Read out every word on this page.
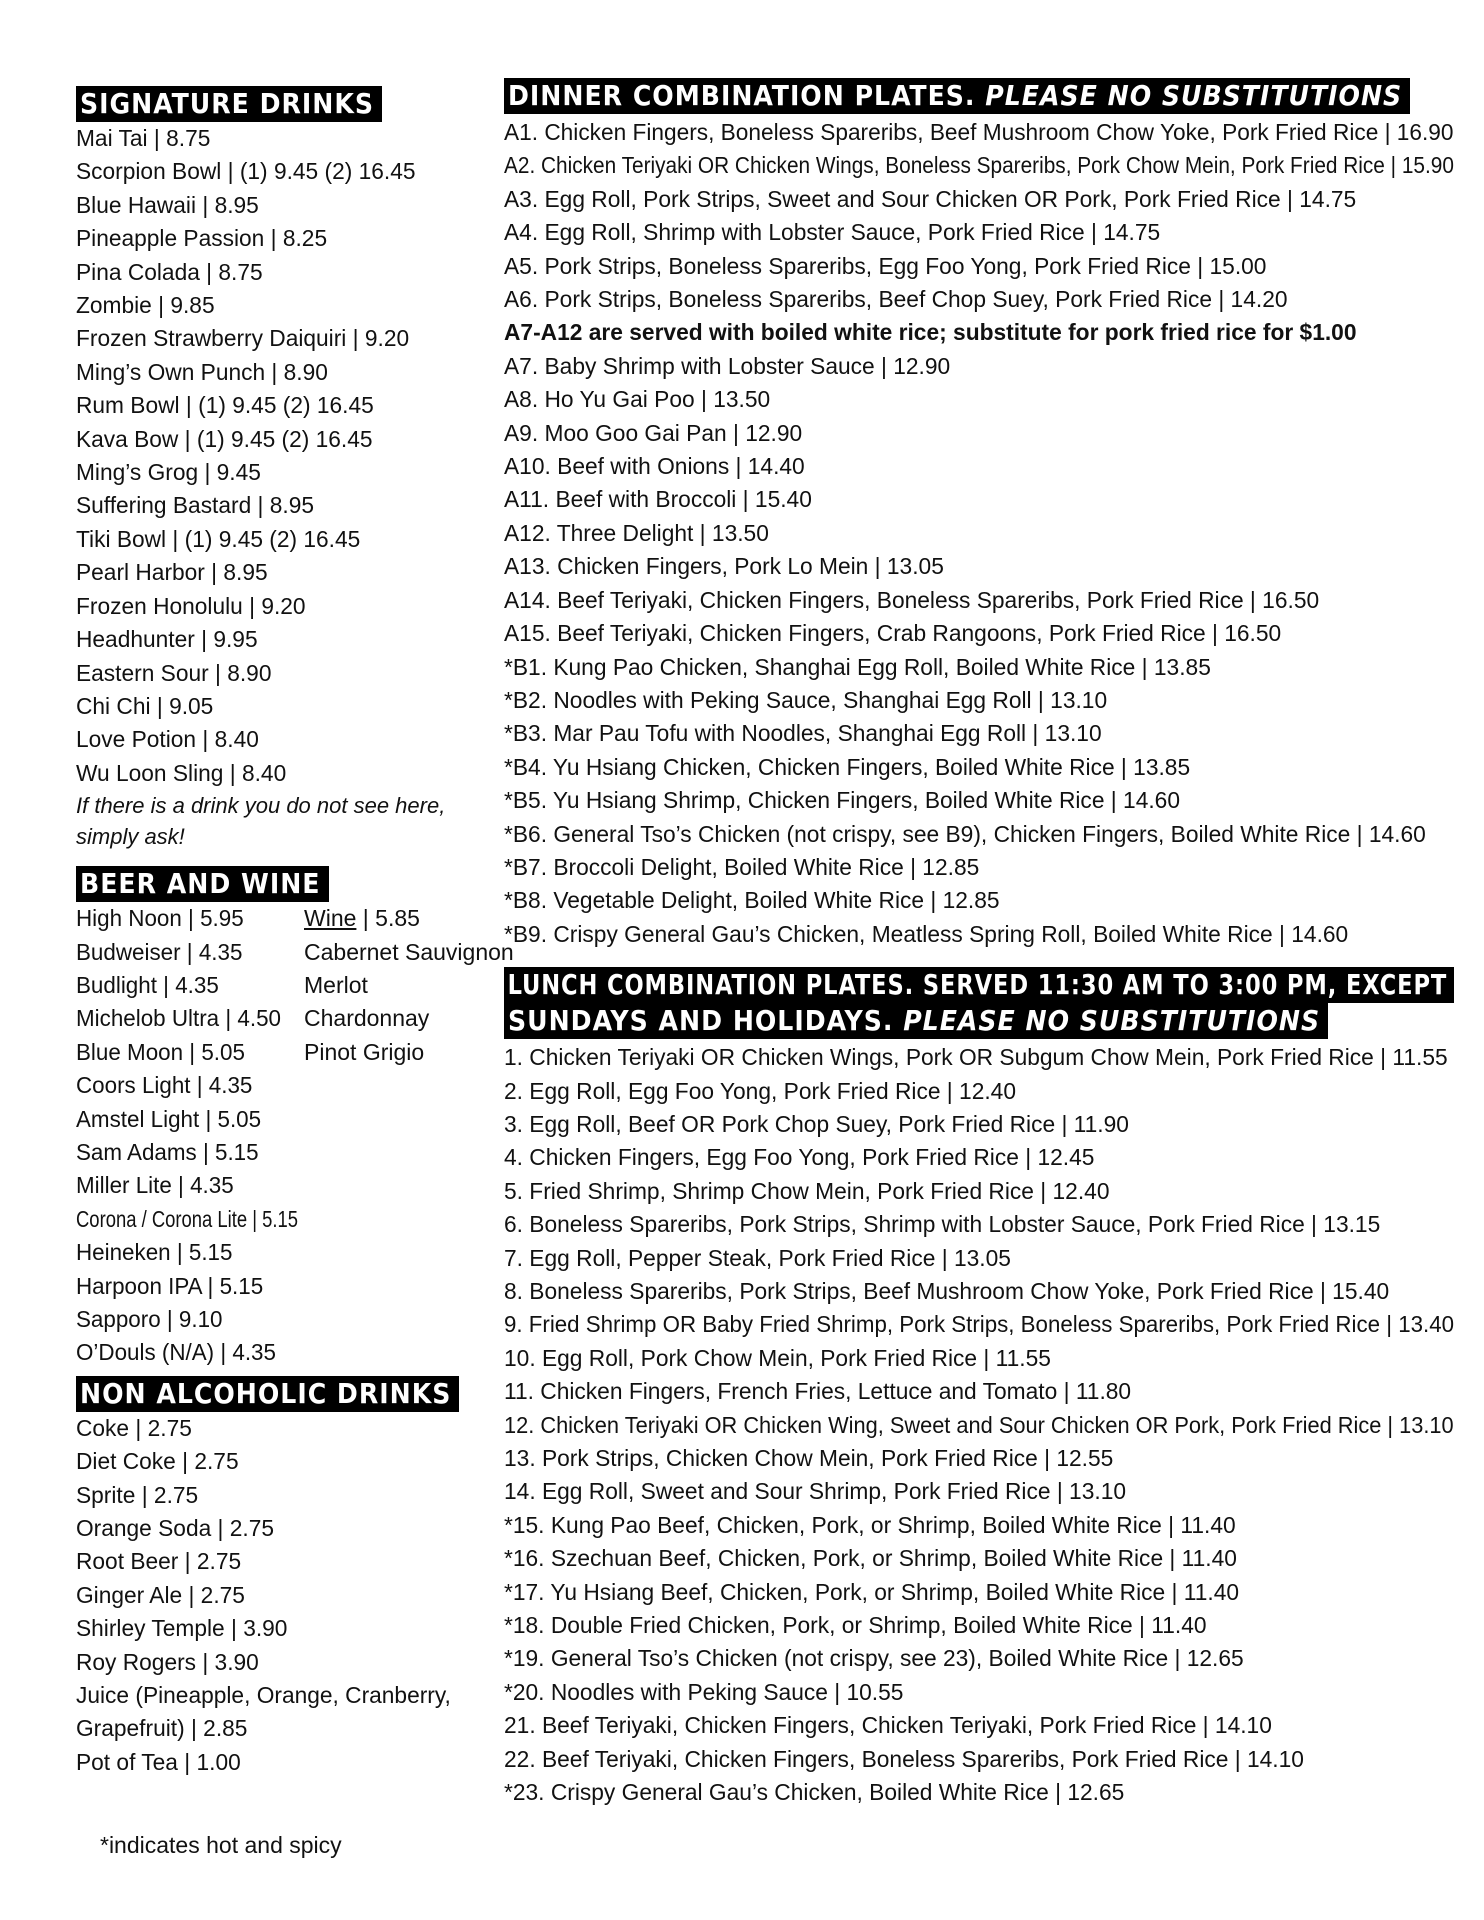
SIGNATURE DRINKS
Mai Tai | 8.75
Scorpion Bowl | (1) 9.45 (2) 16.45
Blue Hawaii | 8.95
Pineapple Passion | 8.25
Pina Colada | 8.75
Zombie | 9.85
Frozen Strawberry Daiquiri | 9.20
Ming’s Own Punch | 8.90
Rum Bowl | (1) 9.45 (2) 16.45
Kava Bow | (1) 9.45 (2) 16.45
Ming’s Grog | 9.45
Suffering Bastard | 8.95
Tiki Bowl | (1) 9.45 (2) 16.45
Pearl Harbor | 8.95
Frozen Honolulu | 9.20
Headhunter | 9.95
Eastern Sour | 8.90
Chi Chi | 9.05
Love Potion | 8.40
Wu Loon Sling | 8.40
If there is a drink you do not see here, simply ask!
BEER AND WINE
High Noon | 5.95
Budweiser | 4.35
Budlight | 4.35
Michelob Ultra | 4.50
Blue Moon | 5.05
Coors Light | 4.35
Amstel Light | 5.05
Sam Adams | 5.15
Miller Lite | 4.35
Corona / Corona Lite | 5.15
Heineken | 5.15
Harpoon IPA | 5.15
Sapporo | 9.10
O’Douls (N/A) | 4.35
Wine | 5.85
Cabernet Sauvignon
Merlot
Chardonnay
Pinot Grigio
NON ALCOHOLIC DRINKS
Coke | 2.75
Diet Coke | 2.75
Sprite | 2.75
Orange Soda | 2.75
Root Beer | 2.75
Ginger Ale | 2.75
Shirley Temple | 3.90
Roy Rogers | 3.90
Juice (Pineapple, Orange, Cranberry,
Grapefruit) | 2.85
Pot of Tea | 1.00
*indicates hot and spicy
DINNER COMBINATION PLATES. PLEASE NO SUBSTITUTIONS
A1. Chicken Fingers, Boneless Spareribs, Beef Mushroom Chow Yoke, Pork Fried Rice | 16.90
A2. Chicken Teriyaki OR Chicken Wings, Boneless Spareribs, Pork Chow Mein, Pork Fried Rice | 15.90
A3. Egg Roll, Pork Strips, Sweet and Sour Chicken OR Pork, Pork Fried Rice | 14.75
A4. Egg Roll, Shrimp with Lobster Sauce, Pork Fried Rice | 14.75
A5. Pork Strips, Boneless Spareribs, Egg Foo Yong, Pork Fried Rice | 15.00
A6. Pork Strips, Boneless Spareribs, Beef Chop Suey, Pork Fried Rice | 14.20
A7-A12 are served with boiled white rice; substitute for pork fried rice for $1.00
A7. Baby Shrimp with Lobster Sauce | 12.90
A8. Ho Yu Gai Poo | 13.50
A9. Moo Goo Gai Pan | 12.90
A10. Beef with Onions | 14.40
A11. Beef with Broccoli | 15.40
A12. Three Delight | 13.50
A13. Chicken Fingers, Pork Lo Mein | 13.05
A14. Beef Teriyaki, Chicken Fingers, Boneless Spareribs, Pork Fried Rice | 16.50
A15. Beef Teriyaki, Chicken Fingers, Crab Rangoons, Pork Fried Rice | 16.50
*B1. Kung Pao Chicken, Shanghai Egg Roll, Boiled White Rice | 13.85
*B2. Noodles with Peking Sauce, Shanghai Egg Roll | 13.10
*B3. Mar Pau Tofu with Noodles, Shanghai Egg Roll | 13.10
*B4. Yu Hsiang Chicken, Chicken Fingers, Boiled White Rice | 13.85
*B5. Yu Hsiang Shrimp, Chicken Fingers, Boiled White Rice | 14.60
*B6. General Tso’s Chicken (not crispy, see B9), Chicken Fingers, Boiled White Rice | 14.60
*B7. Broccoli Delight, Boiled White Rice | 12.85
*B8. Vegetable Delight, Boiled White Rice | 12.85
*B9. Crispy General Gau’s Chicken, Meatless Spring Roll, Boiled White Rice | 14.60
LUNCH COMBINATION PLATES. SERVED 11:30 AM TO 3:00 PM, EXCEPT
SUNDAYS AND HOLIDAYS. PLEASE NO SUBSTITUTIONS
1. Chicken Teriyaki OR Chicken Wings, Pork OR Subgum Chow Mein, Pork Fried Rice | 11.55
2. Egg Roll, Egg Foo Yong, Pork Fried Rice | 12.40
3. Egg Roll, Beef OR Pork Chop Suey, Pork Fried Rice | 11.90
4. Chicken Fingers, Egg Foo Yong, Pork Fried Rice | 12.45
5. Fried Shrimp, Shrimp Chow Mein, Pork Fried Rice | 12.40
6. Boneless Spareribs, Pork Strips, Shrimp with Lobster Sauce, Pork Fried Rice | 13.15
7. Egg Roll, Pepper Steak, Pork Fried Rice | 13.05
8. Boneless Spareribs, Pork Strips, Beef Mushroom Chow Yoke, Pork Fried Rice | 15.40
9. Fried Shrimp OR Baby Fried Shrimp, Pork Strips, Boneless Spareribs, Pork Fried Rice | 13.40
10. Egg Roll, Pork Chow Mein, Pork Fried Rice | 11.55
11. Chicken Fingers, French Fries, Lettuce and Tomato | 11.80
12. Chicken Teriyaki OR Chicken Wing, Sweet and Sour Chicken OR Pork, Pork Fried Rice | 13.10
13. Pork Strips, Chicken Chow Mein, Pork Fried Rice | 12.55
14. Egg Roll, Sweet and Sour Shrimp, Pork Fried Rice | 13.10
*15. Kung Pao Beef, Chicken, Pork, or Shrimp, Boiled White Rice | 11.40
*16. Szechuan Beef, Chicken, Pork, or Shrimp, Boiled White Rice | 11.40
*17. Yu Hsiang Beef, Chicken, Pork, or Shrimp, Boiled White Rice | 11.40
*18. Double Fried Chicken, Pork, or Shrimp, Boiled White Rice | 11.40
*19. General Tso’s Chicken (not crispy, see 23), Boiled White Rice | 12.65
*20. Noodles with Peking Sauce | 10.55
21. Beef Teriyaki, Chicken Fingers, Chicken Teriyaki, Pork Fried Rice | 14.10
22. Beef Teriyaki, Chicken Fingers, Boneless Spareribs, Pork Fried Rice | 14.10
*23. Crispy General Gau’s Chicken, Boiled White Rice | 12.65
